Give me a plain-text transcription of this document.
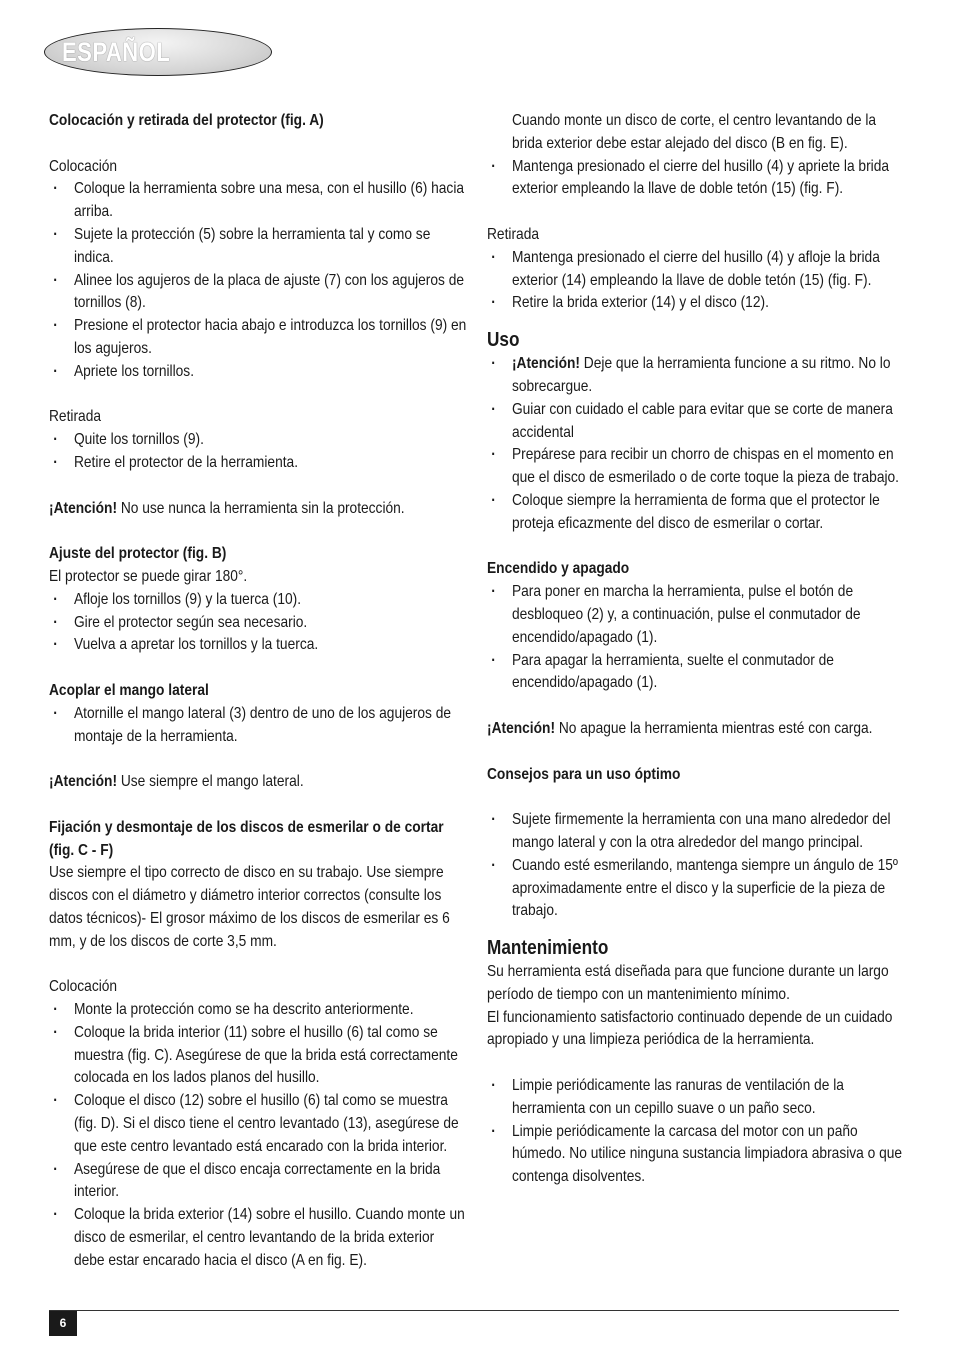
ESPAÑOL

Colocación y retirada del protector (fig. A)

Colocación

· Coloque la herramienta sobre una mesa, con el husillo (6) hacia arriba.
· Sujete la protección (5) sobre la herramienta tal y como se indica.
· Alinee los agujeros de la placa de ajuste (7) con los agujeros de tornillos (8).
· Presione el protector hacia abajo e introduzca los tornillos (9) en los agujeros.
· Apriete los tornillos.

Retirada

· Quite los tornillos (9).
· Retire el protector de la herramienta.

¡Atención! No use nunca la herramienta sin la protección.

Ajuste del protector (fig. B)

El protector se puede girar 180°.

· Afloje los tornillos (9) y la tuerca (10).
· Gire el protector según sea necesario.
· Vuelva a apretar los tornillos y la tuerca.

Acoplar el mango lateral

· Atornille el mango lateral (3) dentro de uno de los agujeros de montaje de la herramienta.

¡Atención! Use siempre el mango lateral.

Fijación y desmontaje de los discos de esmerilar o de cortar (fig. C - F)

Use siempre el tipo correcto de disco en su trabajo. Use siempre discos con el diámetro y diámetro interior correctos (consulte los datos técnicos)- El grosor máximo de los discos de esmerilar es 6 mm, y de los discos de corte 3,5 mm.

Colocación

· Monte la protección como se ha descrito anteriormente.
· Coloque la brida interior (11) sobre el husillo (6) tal como se muestra (fig. C). Asegúrese de que la brida está correctamente colocada en los lados planos del husillo.
· Coloque el disco (12) sobre el husillo (6) tal como se muestra (fig. D). Si el disco tiene el centro levantado (13), asegúrese de que este centro levantado está encarado con la brida interior.
· Asegúrese de que el disco encaja correctamente en la brida interior.
· Coloque la brida exterior (14) sobre el husillo. Cuando monte un disco de esmerilar, el centro levantando de la brida exterior debe estar encarado hacia el disco (A en fig. E).

Cuando monte un disco de corte, el centro levantando de la brida exterior debe estar alejado del disco (B en fig. E).

· Mantenga presionado el cierre del husillo (4) y apriete la brida exterior empleando la llave de doble tetón (15) (fig. F).

Retirada

· Mantenga presionado el cierre del husillo (4) y afloje la brida exterior (14) empleando la llave de doble tetón (15) (fig. F).
· Retire la brida exterior (14) y el disco (12).

Uso

· ¡Atención! Deje que la herramienta funcione a su ritmo. No lo sobrecargue.
· Guiar con cuidado el cable para evitar que se corte de manera accidental
· Prepárese para recibir un chorro de chispas en el momento en que el disco de esmerilado o de corte toque la pieza de trabajo.
· Coloque siempre la herramienta de forma que el protector le proteja eficazmente del disco de esmerilar o cortar.

Encendido y apagado

· Para poner en marcha la herramienta, pulse el botón de desbloqueo (2) y, a continuación, pulse el conmutador de encendido/apagado (1).
· Para apagar la herramienta, suelte el conmutador de encendido/apagado (1).

¡Atención! No apague la herramienta mientras esté con carga.

Consejos para un uso óptimo

· Sujete firmemente la herramienta con una mano alrededor del mango lateral y con la otra alrededor del mango principal.
· Cuando esté esmerilando, mantenga siempre un ángulo de 15º aproximadamente entre el disco y la superficie de la pieza de trabajo.

Mantenimiento

Su herramienta está diseñada para que funcione durante un largo período de tiempo con un mantenimiento mínimo.

El funcionamiento satisfactorio continuado depende de un cuidado apropiado y una limpieza periódica de la herramienta.

· Limpie periódicamente las ranuras de ventilación de la herramienta con un cepillo suave o un paño seco.
· Limpie periódicamente la carcasa del motor con un paño húmedo. No utilice ninguna sustancia limpiadora abrasiva o que contenga disolventes.
6
